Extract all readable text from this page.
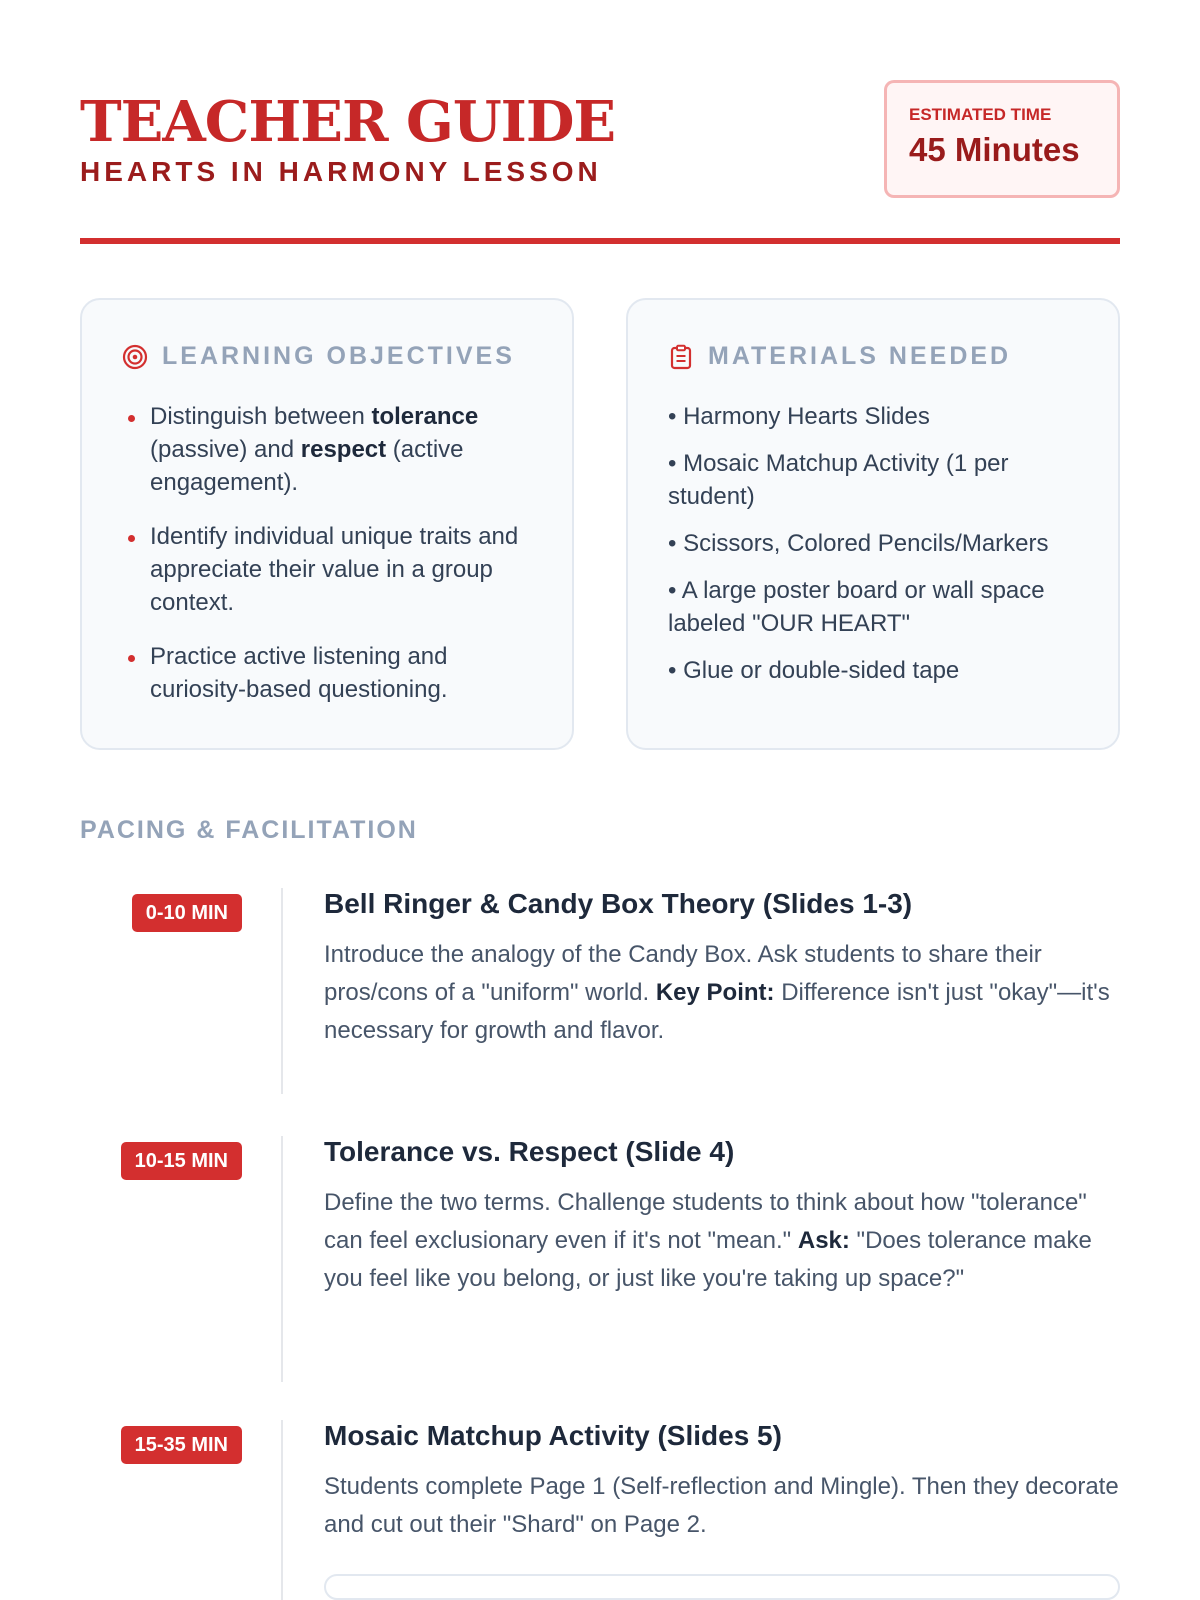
TEACHER GUIDE
HEARTS IN HARMONY LESSON
ESTIMATED TIME
45 Minutes
LEARNING OBJECTIVES
Distinguish between tolerance (passive) and respect (active engagement).
Identify individual unique traits and appreciate their value in a group context.
Practice active listening and curiosity-based questioning.
MATERIALS NEEDED
• Harmony Hearts Slides
• Mosaic Matchup Activity (1 per student)
• Scissors, Colored Pencils/Markers
• A large poster board or wall space labeled "OUR HEART"
• Glue or double-sided tape
PACING & FACILITATION
0-10 MIN	Bell Ringer & Candy Box Theory (Slides 1-3)
Introduce the analogy of the Candy Box. Ask students to share their pros/cons of a "uniform" world. Key Point: Difference isn't just "okay"—it's necessary for growth and flavor.
10-15 MIN	Tolerance vs. Respect (Slide 4)
Define the two terms. Challenge students to think about how "tolerance" can feel exclusionary even if it's not "mean." Ask: "Does tolerance make you feel like you belong, or just like you're taking up space?"
15-35 MIN	Mosaic Matchup Activity (Slides 5)
Students complete Page 1 (Self-reflection and Mingle). Then they decorate and cut out their "Shard" on Page 2.
